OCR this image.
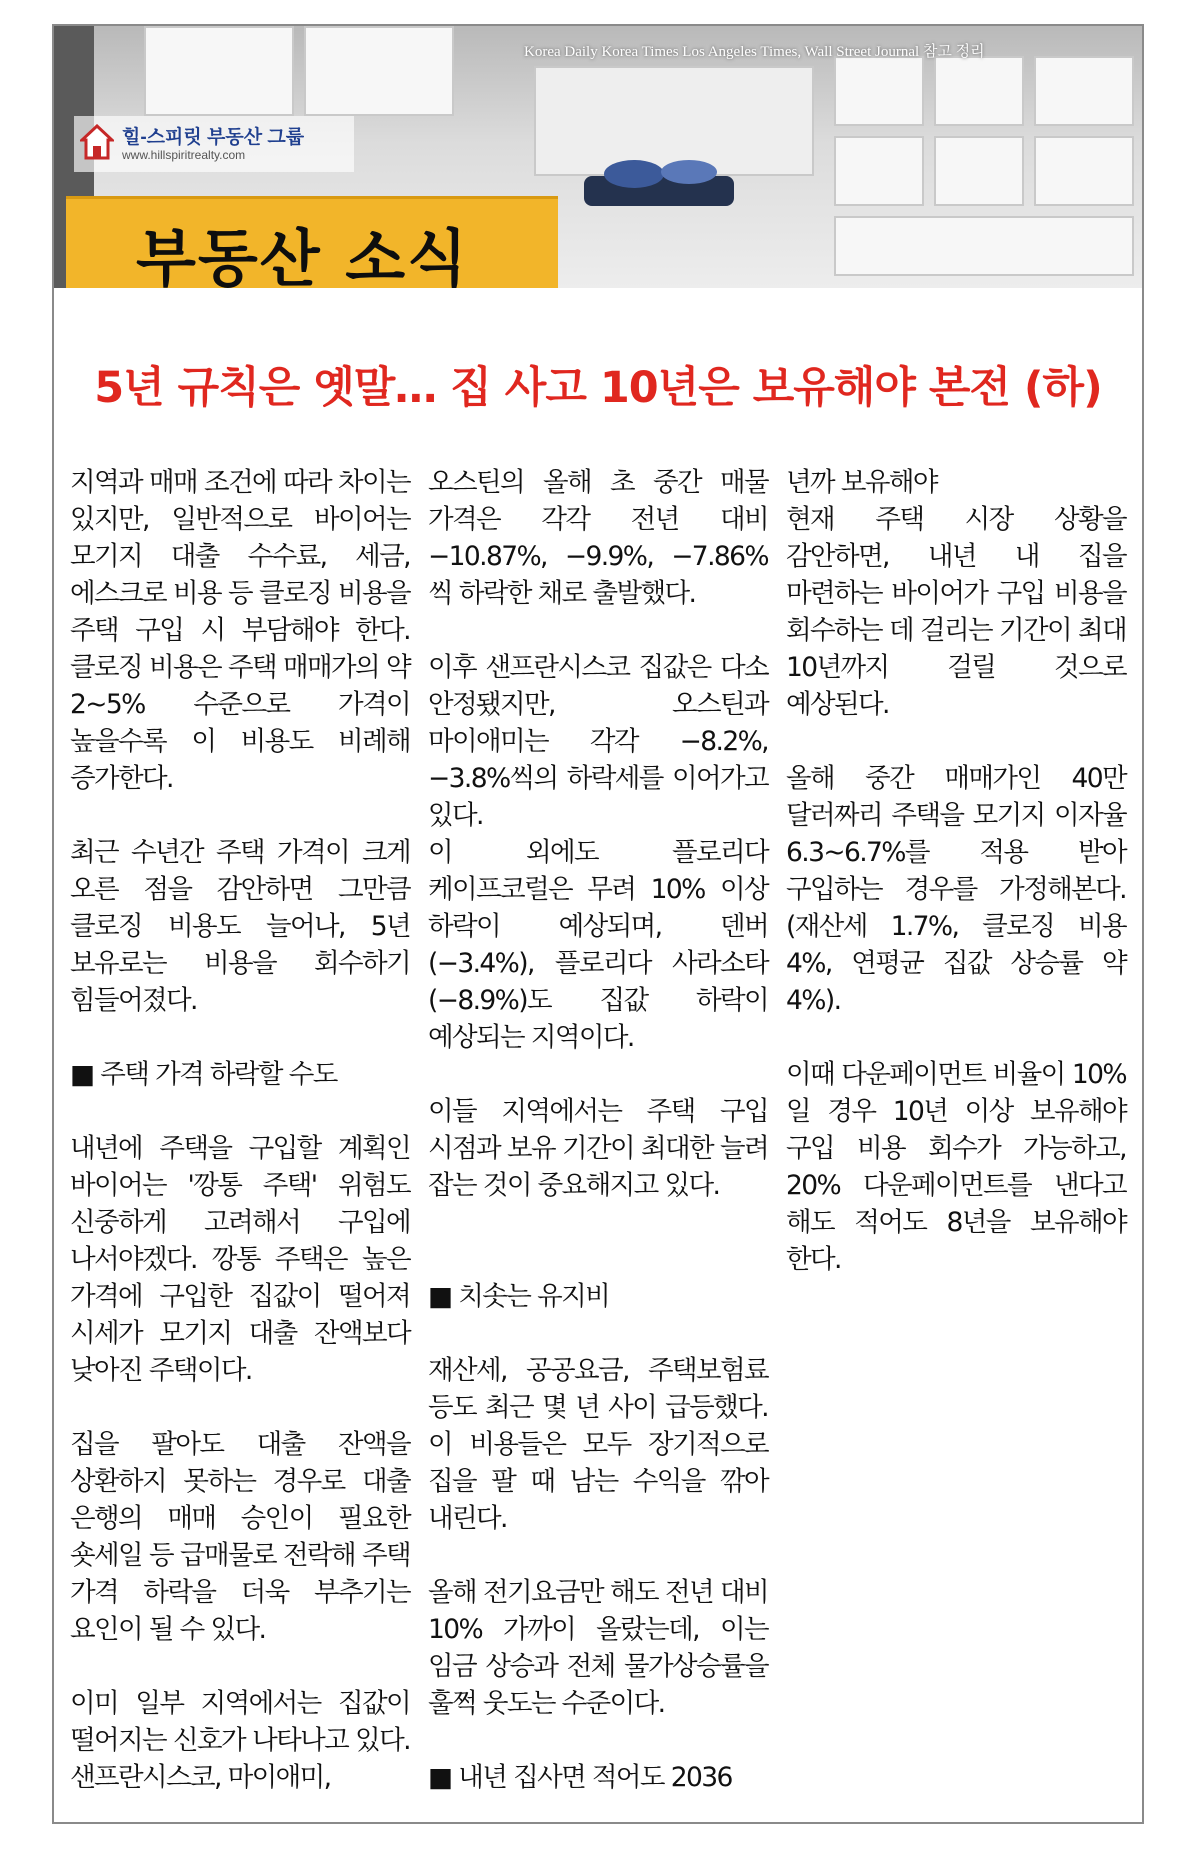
Korea Daily Korea Times Los Angeles Times, Wall Street Journal 참고 정리
힐-스피릿 부동산 그룹
www.hillspiritrealty.com
부동산 소식
5년 규칙은 옛말… 집 사고 10년은 보유해야 본전 (하)

지역과 매매 조건에 따라 차이는 있지만, 일반적으로 바이어는 모기지 대출 수수료, 세금, 에스크로 비용 등 클로징 비용을 주택 구입 시 부담해야 한다. 클로징 비용은 주택 매매가의 약 2~5% 수준으로 가격이 높을수록 이 비용도 비례해 증가한다.

최근 수년간 주택 가격이 크게 오른 점을 감안하면 그만큼 클로징 비용도 늘어나, 5년 보유로는 비용을 회수하기 힘들어졌다.

■ 주택 가격 하락할 수도

내년에 주택을 구입할 계획인 바이어는 '깡통 주택' 위험도 신중하게 고려해서 구입에 나서야겠다. 깡통 주택은 높은 가격에 구입한 집값이 떨어져 시세가 모기지 대출 잔액보다 낮아진 주택이다.

집을 팔아도 대출 잔액을 상환하지 못하는 경우로 대출 은행의 매매 승인이 필요한 숏세일 등 급매물로 전락해 주택 가격 하락을 더욱 부추기는 요인이 될 수 있다.

이미 일부 지역에서는 집값이 떨어지는 신호가 나타나고 있다. 샌프란시스코, 마이애미,

오스틴의 올해 초 중간 매물 가격은 각각 전년 대비 −10.87%, −9.9%, −7.86%씩 하락한 채로 출발했다.

이후 샌프란시스코 집값은 다소 안정됐지만, 오스틴과 마이애미는 각각 −8.2%, −3.8%씩의 하락세를 이어가고 있다.

이 외에도 플로리다 케이프코럴은 무려 10% 이상 하락이 예상되며, 덴버(−3.4%), 플로리다 사라소타(−8.9%)도 집값 하락이 예상되는 지역이다.

이들 지역에서는 주택 구입 시점과 보유 기간이 최대한 늘려 잡는 것이 중요해지고 있다.

■ 치솟는 유지비

재산세, 공공요금, 주택보험료 등도 최근 몇 년 사이 급등했다. 이 비용들은 모두 장기적으로 집을 팔 때 남는 수익을 깎아 내린다.

올해 전기요금만 해도 전년 대비 10% 가까이 올랐는데, 이는 임금 상승과 전체 물가상승률을 훌쩍 웃도는 수준이다.

■ 내년 집사면 적어도 2036

년까 보유해야

현재 주택 시장 상황을 감안하면, 내년 내 집을 마련하는 바이어가 구입 비용을 회수하는 데 걸리는 기간이 최대 10년까지 걸릴 것으로 예상된다.

올해 중간 매매가인 40만 달러짜리 주택을 모기지 이자율 6.3~6.7%를 적용 받아 구입하는 경우를 가정해본다. (재산세 1.7%, 클로징 비용 4%, 연평균 집값 상승률 약 4%).

이때 다운페이먼트 비율이 10%일 경우 10년 이상 보유해야 구입 비용 회수가 가능하고, 20% 다운페이먼트를 낸다고 해도 적어도 8년을 보유해야 한다.
